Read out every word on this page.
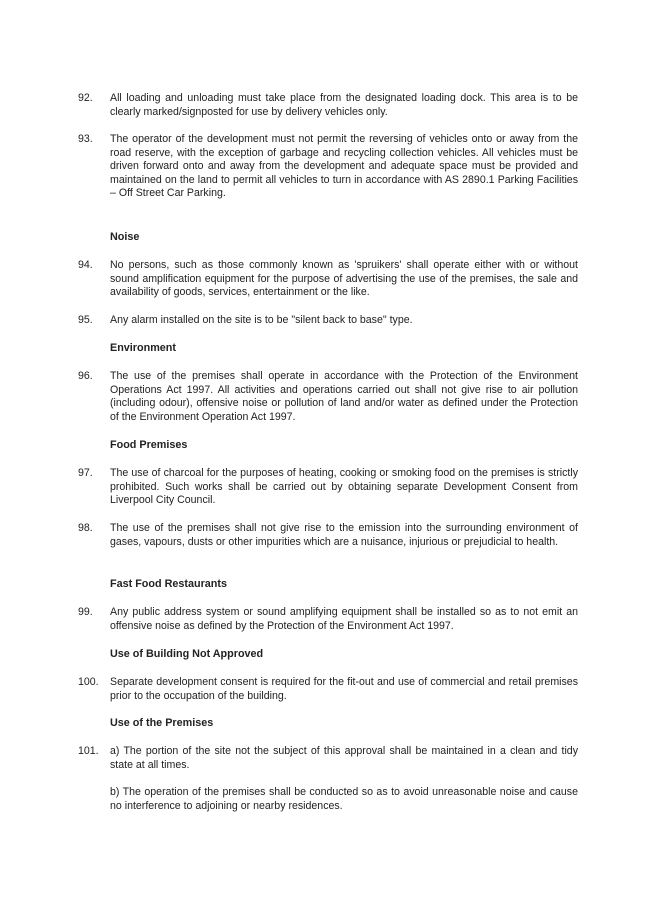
92.	All loading and unloading must take place from the designated loading dock. This area is to be clearly marked/signposted for use by delivery vehicles only.

93.	The operator of the development must not permit the reversing of vehicles onto or away from the road reserve, with the exception of garbage and recycling collection vehicles. All vehicles must be driven forward onto and away from the development and adequate space must be provided and maintained on the land to permit all vehicles to turn in accordance with AS 2890.1 Parking Facilities – Off Street Car Parking.

Noise
94.	No persons, such as those commonly known as 'spruikers' shall operate either with or without sound amplification equipment for the purpose of advertising the use of the premises, the sale and availability of goods, services, entertainment or the like.

95.	Any alarm installed on the site is to be "silent back to base" type.

Environment
96.	The use of the premises shall operate in accordance with the Protection of the Environment Operations Act 1997. All activities and operations carried out shall not give rise to air pollution (including odour), offensive noise or pollution of land and/or water as defined under the Protection of the Environment Operation Act 1997.

Food Premises
97.	The use of charcoal for the purposes of heating, cooking or smoking food on the premises is strictly prohibited. Such works shall be carried out by obtaining separate Development Consent from Liverpool City Council.

98.	The use of the premises shall not give rise to the emission into the surrounding environment of gases, vapours, dusts or other impurities which are a nuisance, injurious or prejudicial to health.

Fast Food Restaurants
99.	Any public address system or sound amplifying equipment shall be installed so as to not emit an offensive noise as defined by the Protection of the Environment Act 1997.

Use of Building Not Approved
100.	Separate development consent is required for the fit-out and use of commercial and retail premises prior to the occupation of the building.

Use of the Premises
101.	a) The portion of the site not the subject of this approval shall be maintained in a clean and tidy state at all times.

b) The operation of the premises shall be conducted so as to avoid unreasonable noise and cause no interference to adjoining or nearby residences.
